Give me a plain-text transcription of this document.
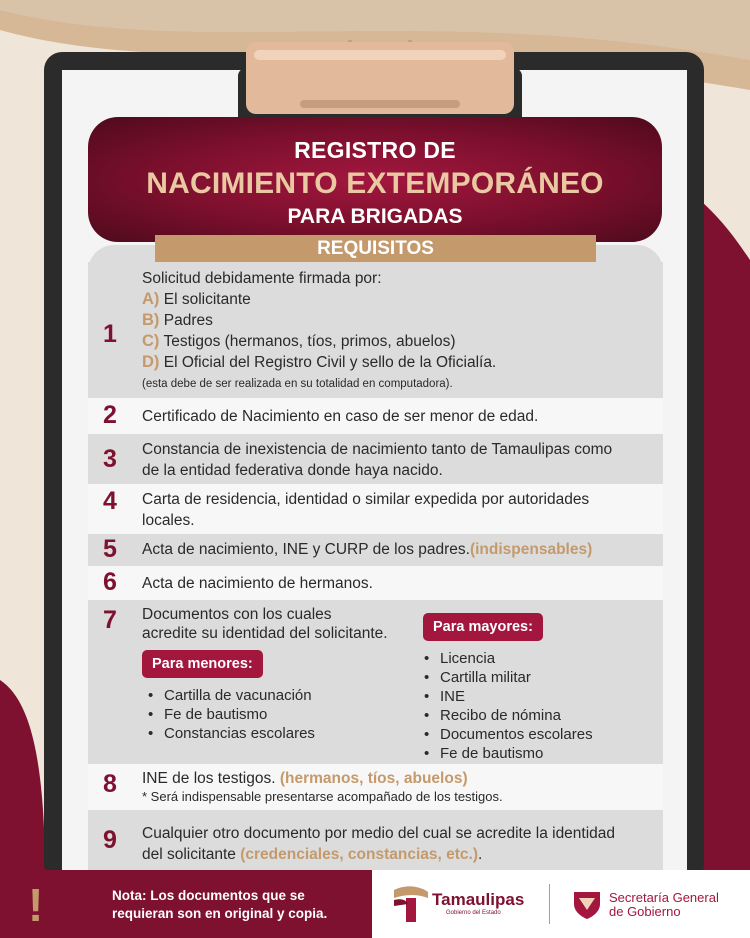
REGISTRO DE
NACIMIENTO EXTEMPORÁNEO
PARA BRIGADAS
REQUISITOS
1
Solicitud debidamente firmada por:
A) El solicitante
B) Padres
C) Testigos (hermanos, tíos, primos, abuelos)
D) El Oficial del Registro Civil y sello de la Oficialía.
(esta debe de ser realizada en su totalidad en computadora).
2	Certificado de Nacimiento en caso de ser menor de edad.
3	Constancia de inexistencia de nacimiento tanto de Tamaulipas como
de la entidad federativa donde haya nacido.
4	Carta de residencia, identidad o similar expedida por autoridades
locales.
5	Acta de nacimiento, INE y CURP de los padres.(indispensables)
6	Acta de nacimiento de hermanos.
7	Documentos con los cuales
acredite su identidad del solicitante.
Para menores:
• Cartilla de vacunación
• Fe de bautismo
• Constancias escolares
Para mayores:
• Licencia
• Cartilla militar
• INE
• Recibo de nómina
• Documentos escolares
• Fe de bautismo
8	INE de los testigos. (hermanos, tíos, abuelos)
* Será indispensable presentarse acompañado de los testigos.
9	Cualquier otro documento por medio del cual se acredite la identidad
del solicitante (credenciales, constancias, etc.).
!	Nota: Los documentos que se
requieran son en original y copia.
Tamaulipas
Gobierno del Estado
Secretaría General
de Gobierno
